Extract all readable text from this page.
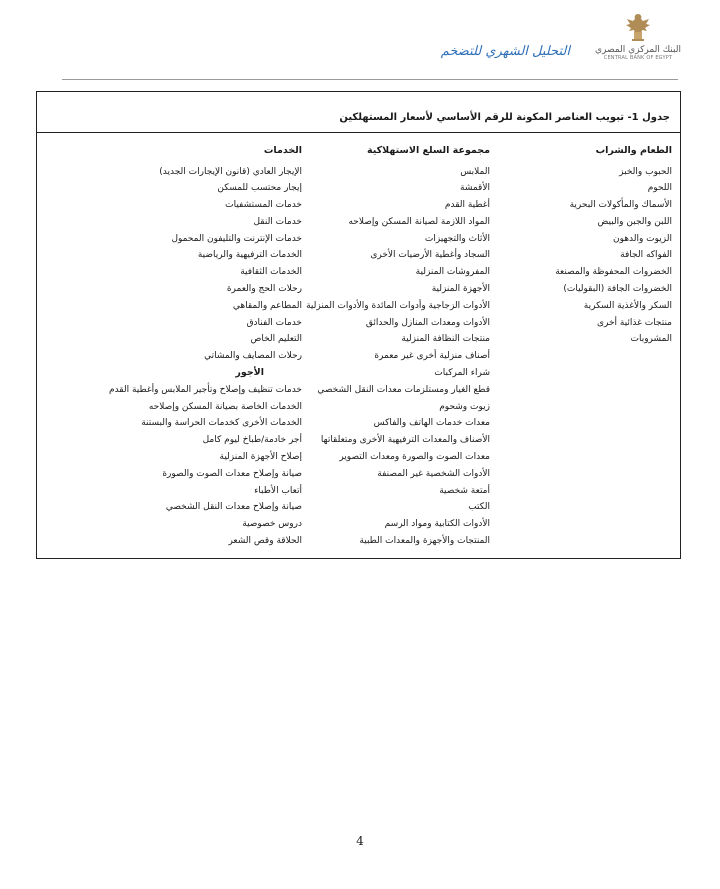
البنك المركزي المصري
CENTRAL BANK OF EGYPT
التحليل الشهري للتضخم
جدول 1- تبويب العناصر المكونة للرقم الأساسي لأسعار المستهلكين
الطعام والشراب
الحبوب والخبز
اللحوم
الأسماك والمأكولات البحرية
اللبن والجبن والبيض
الزيوت والدهون
الفواكه الجافة
الخضروات المحفوظة والمصنعة
الخضروات الجافة (البقوليات)
السكر والأغذية السكرية
منتجات غذائية أخرى
المشروبات
مجموعة السلع الاستهلاكية
الملابس
الأقمشة
أغطية القدم
المواد اللازمة لصيانة المسكن وإصلاحه
الأثاث والتجهيزات
السجاد وأغطية الأرضيات الأخرى
المفروشات المنزلية
الأجهزة المنزلية
الأدوات الزجاجية وأدوات المائدة والأدوات المنزلية
الأدوات ومعدات المنازل والحدائق
منتجات النظافة المنزلية
أصناف منزلية أخرى غير معمرة
شراء المركبات
قطع الغيار ومستلزمات معدات النقل الشخصي
زيوت وشحوم
معدات خدمات الهاتف والفاكس
الأصناف والمعدات الترفيهية الأخرى ومتعلقاتها
معدات الصوت والصورة ومعدات التصوير
الأدوات الشخصية غير المصنفة
أمتعة شخصية
الكتب
الأدوات الكتابية ومواد الرسم
المنتجات والأجهزة والمعدات الطبية
الخدمات
الإيجار العادي (قانون الإيجارات الجديد)
إيجار محتسب للمسكن
خدمات المستشفيات
خدمات النقل
خدمات الإنترنت والتليفون المحمول
الخدمات الترفيهية والرياضية
الخدمات الثقافية
رحلات الحج والعمرة
المطاعم والمقاهي
خدمات الفنادق
التعليم الخاص
رحلات المصايف والمشاتي
الأجور
خدمات تنظيف وإصلاح وتأجير الملابس وأغطية القدم
الخدمات الخاصة بصيانة المسكن وإصلاحه
الخدمات الأخرى كخدمات الحراسة والبستنة
أجر خادمة/طباخ ليوم كامل
إصلاح الأجهزة المنزلية
صيانة وإصلاح معدات الصوت والصورة
أتعاب الأطباء
صيانة وإصلاح معدات النقل الشخصي
دروس خصوصية
الحلاقة وقص الشعر
4
